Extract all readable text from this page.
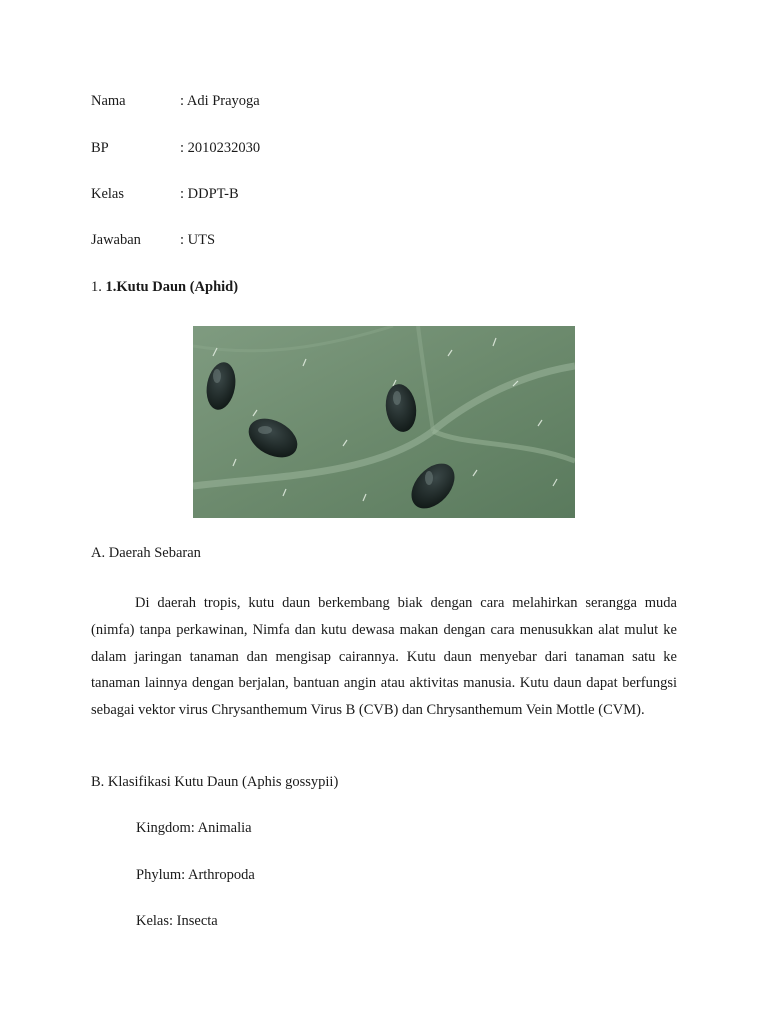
Nama	: Adi Prayoga
BP	: 2010232030
Kelas	: DDPT-B
Jawaban	: UTS
1. 1.Kutu Daun (Aphid)
A. Daerah Sebaran

Di daerah tropis, kutu daun berkembang biak dengan cara melahirkan serangga muda (nimfa) tanpa perkawinan, Nimfa dan kutu dewasa makan dengan cara menusukkan alat mulut ke dalam jaringan tanaman dan mengisap cairannya. Kutu daun menyebar dari tanaman satu ke tanaman lainnya dengan berjalan, bantuan angin atau aktivitas manusia. Kutu daun dapat berfungsi sebagai vektor virus Chrysanthemum Virus B (CVB) dan Chrysanthemum Vein Mottle (CVM).

B. Klasifikasi Kutu Daun (Aphis gossypii)
Kingdom: Animalia
Phylum: Arthropoda
Kelas: Insecta
